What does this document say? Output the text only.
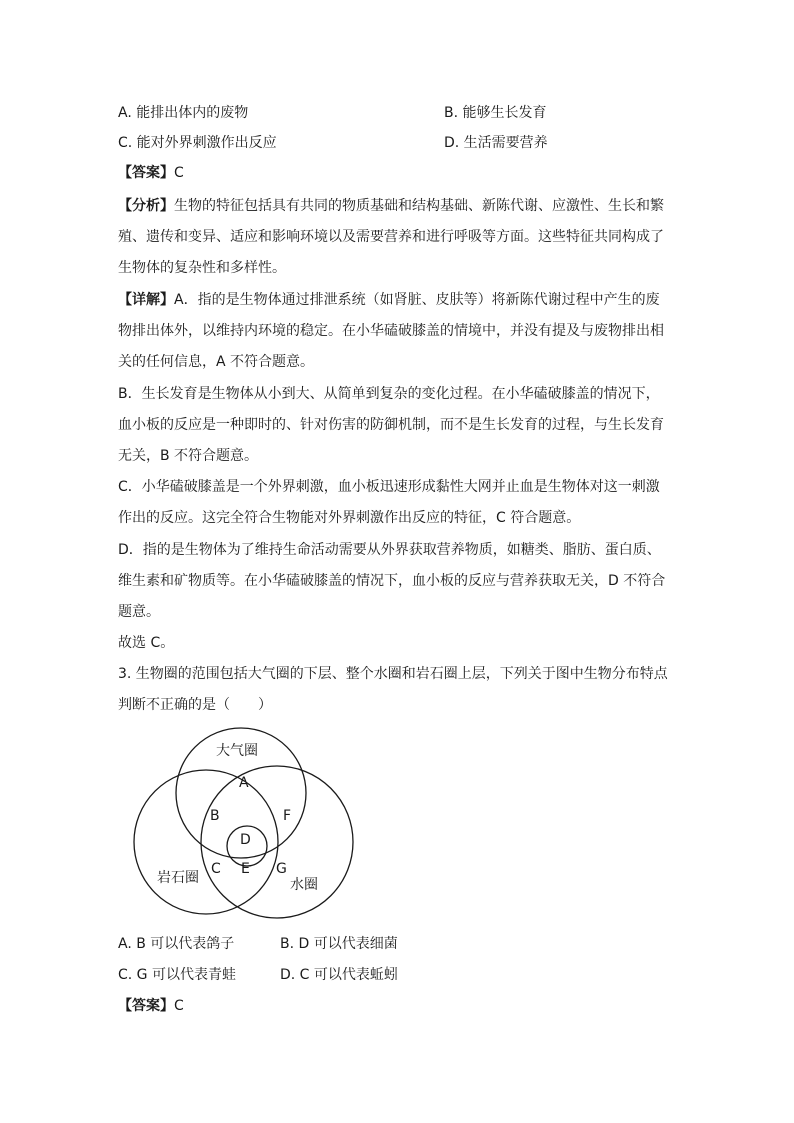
A. 能排出体内的废物	B. 能够生长发育
C. 能对外界刺激作出反应	D. 生活需要营养
【答案】C
【分析】生物的特征包括具有共同的物质基础和结构基础、新陈代谢、应激性、生长和繁
殖、遗传和变异、适应和影响环境以及需要营养和进行呼吸等方面。这些特征共同构成了
生物体的复杂性和多样性。
【详解】A．指的是生物体通过排泄系统（如肾脏、皮肤等）将新陈代谢过程中产生的废
物排出体外，以维持内环境的稳定。在小华磕破膝盖的情境中，并没有提及与废物排出相
关的任何信息，A 不符合题意。
B．生长发育是生物体从小到大、从简单到复杂的变化过程。在小华磕破膝盖的情况下，
血小板的反应是一种即时的、针对伤害的防御机制，而不是生长发育的过程，与生长发育
无关，B 不符合题意。
C．小华磕破膝盖是一个外界刺激，血小板迅速形成黏性大网并止血是生物体对这一刺激
作出的反应。这完全符合生物能对外界刺激作出反应的特征，C 符合题意。
D．指的是生物体为了维持生命活动需要从外界获取营养物质，如糖类、脂肪、蛋白质、
维生素和矿物质等。在小华磕破膝盖的情况下，血小板的反应与营养获取无关，D 不符合
题意。
故选 C。
3. 生物圈的范围包括大气圈的下层、整个水圈和岩石圈上层，下列关于图中生物分布特点
判断不正确的是（　　）
大气圈
岩石圈	水圈
A
B	F
D
C E G
A. B 可以代表鸽子	B. D 可以代表细菌
C. G 可以代表青蛙	D. C 可以代表蚯蚓
【答案】C
